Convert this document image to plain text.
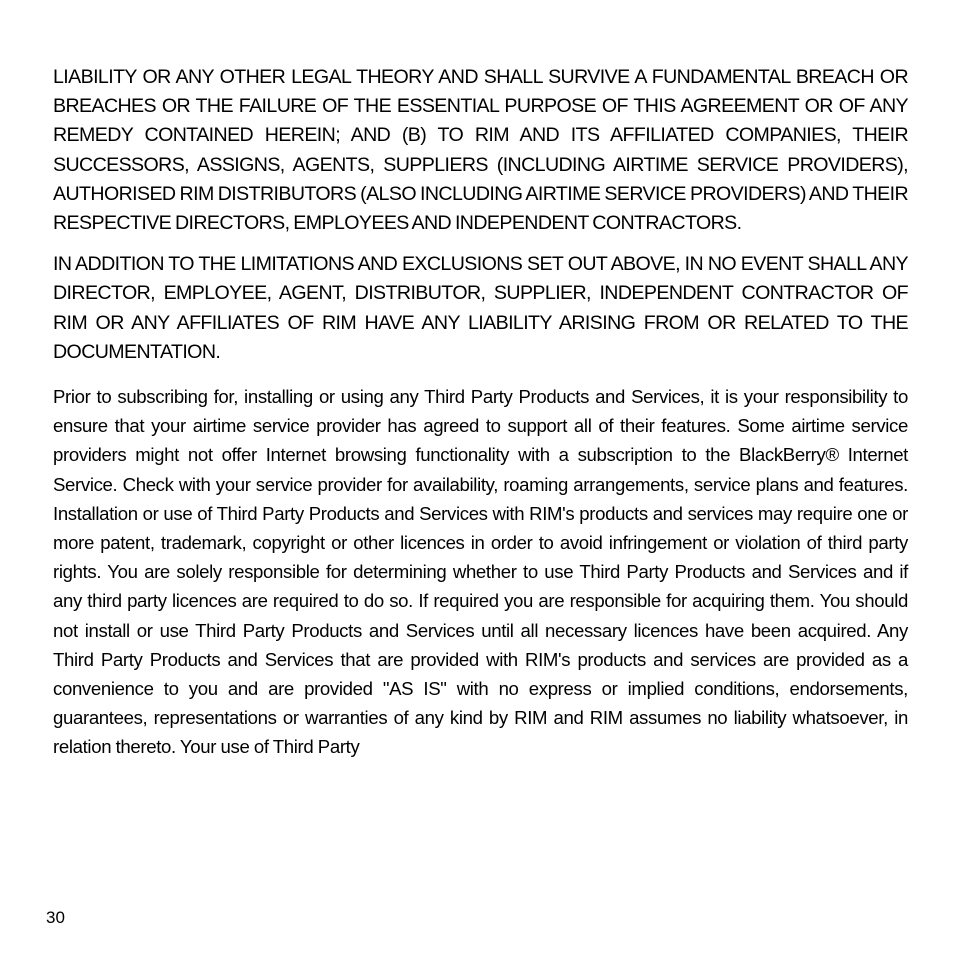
LIABILITY OR ANY OTHER LEGAL THEORY AND SHALL SURVIVE A FUNDAMENTAL BREACH OR BREACHES OR THE FAILURE OF THE ESSENTIAL PURPOSE OF THIS AGREEMENT OR OF ANY REMEDY CONTAINED HEREIN; AND (B) TO RIM AND ITS AFFILIATED COMPANIES, THEIR SUCCESSORS, ASSIGNS, AGENTS, SUPPLIERS (INCLUDING AIRTIME SERVICE PROVIDERS), AUTHORISED RIM DISTRIBUTORS (ALSO INCLUDING AIRTIME SERVICE PROVIDERS) AND THEIR RESPECTIVE DIRECTORS, EMPLOYEES AND INDEPENDENT CONTRACTORS.

IN ADDITION TO THE LIMITATIONS AND EXCLUSIONS SET OUT ABOVE, IN NO EVENT SHALL ANY DIRECTOR, EMPLOYEE, AGENT, DISTRIBUTOR, SUPPLIER, INDEPENDENT CONTRACTOR OF RIM OR ANY AFFILIATES OF RIM HAVE ANY LIABILITY ARISING FROM OR RELATED TO THE DOCUMENTATION.

Prior to subscribing for, installing or using any Third Party Products and Services, it is your responsibility to ensure that your airtime service provider has agreed to support all of their features. Some airtime service providers might not offer Internet browsing functionality with a subscription to the BlackBerry® Internet Service. Check with your service provider for availability, roaming arrangements, service plans and features. Installation or use of Third Party Products and Services with RIM's products and services may require one or more patent, trademark, copyright or other licences in order to avoid infringement or violation of third party rights. You are solely responsible for determining whether to use Third Party Products and Services and if any third party licences are required to do so. If required you are responsible for acquiring them. You should not install or use Third Party Products and Services until all necessary licences have been acquired. Any Third Party Products and Services that are provided with RIM's products and services are provided as a convenience to you and are provided "AS IS" with no express or implied conditions, endorsements, guarantees, representations or warranties of any kind by RIM and RIM assumes no liability whatsoever, in relation thereto. Your use of Third Party

30
